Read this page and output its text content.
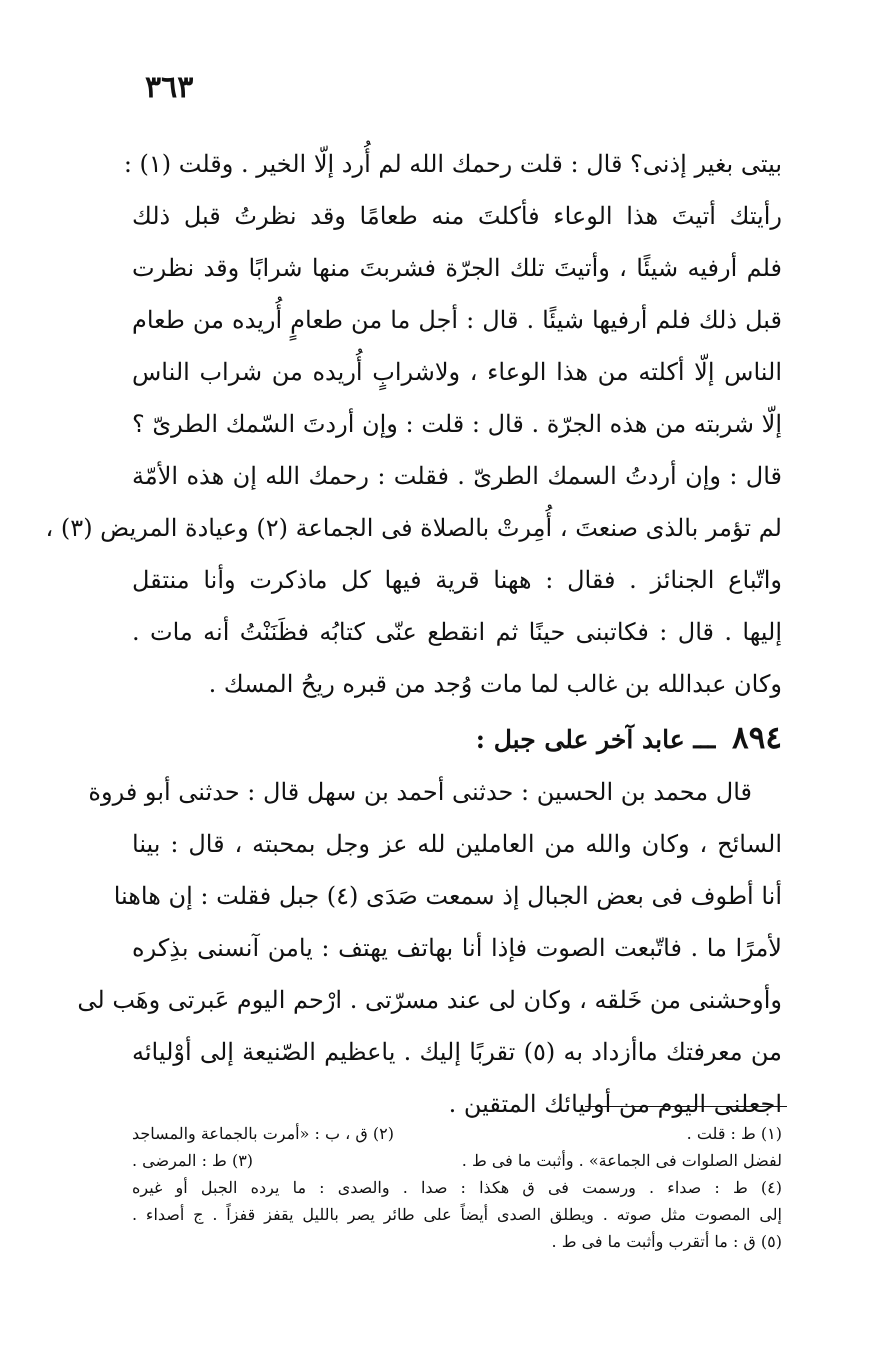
٣٦٣
بيتى بغير إذنى؟ قال : قلت رحمك الله لم أُرد إلّا الخير . وقلت (١) :
رأيتك أتيتَ هذا الوعاء فأكلتَ منه طعامًا وقد نظرتُ قبل ذلك
فلم أرفيه شيئًا ، وأتيتَ تلك الجرّة فشربتَ منها شرابًا وقد نظرت
قبل ذلك فلم أرفيها شيئًا . قال : أجل ما من طعامٍ أُريده من طعام
الناس إلّا أكلته من هذا الوعاء ، ولاشرابٍ أُريده من شراب الناس
إلّا شربته من هذه الجرّة . قال : قلت : وإن أردتَ السّمك الطرىّ ؟
قال : وإن أردتُ السمك الطرىّ . فقلت : رحمك الله إن هذه الأمّة
لم تؤمر بالذى صنعتَ ، أُمِرتْ بالصلاة فى الجماعة (٢) وعيادة المريض (٣) ،
واتّباع الجنائز . فقال : ههنا قرية فيها كل ماذكرت وأنا منتقل
إليها . قال : فكاتبنى حينًا ثم انقطع عنّى كتابُه فظَنَنْتُ أنه مات .
وكان عبدالله بن غالب لما مات وُجد من قبره ريحُ المسك .
٨٩٤ ـــ عابد آخر على جبل :
قال محمد بن الحسين : حدثنى أحمد بن سهل قال : حدثنى أبو فروة
السائح ، وكان والله من العاملين لله عز وجل بمحبته ، قال : بينا
أنا أطوف فى بعض الجبال إذ سمعت صَدَى (٤) جبل فقلت : إن هاهنا
لأمرًا ما . فاتّبعت الصوت فإذا أنا بهاتف يهتف : يامن آنسنى بذِكره
وأوحشنى من خَلقه ، وكان لى عند مسرّتى . ارْحم اليوم عَبرتى وهَب لى
من معرفتك ماأزداد به (٥) تقربًا إليك . ياعظيم الصّنيعة إلى أوْليائه
اجعلنى اليوم من أوليائك المتقين .
(١) ط : قلت .
(٢) ق ، ب : «أمرت بالجماعة والمساجد
لفضل الصلوات فى الجماعة» . وأثبت ما فى ط .
(٣) ط : المرضى .
(٤) ط : صداء . ورسمت فى ق هكذا : صدا . والصدى : ما يرده الجبل أو غيره
إلى المصوت مثل صوته . ويطلق الصدى أيضاً على طائر يصر بالليل يقفز قفزاً . ج أصداء .
(٥) ق : ما أتقرب وأثبت ما فى ط .
